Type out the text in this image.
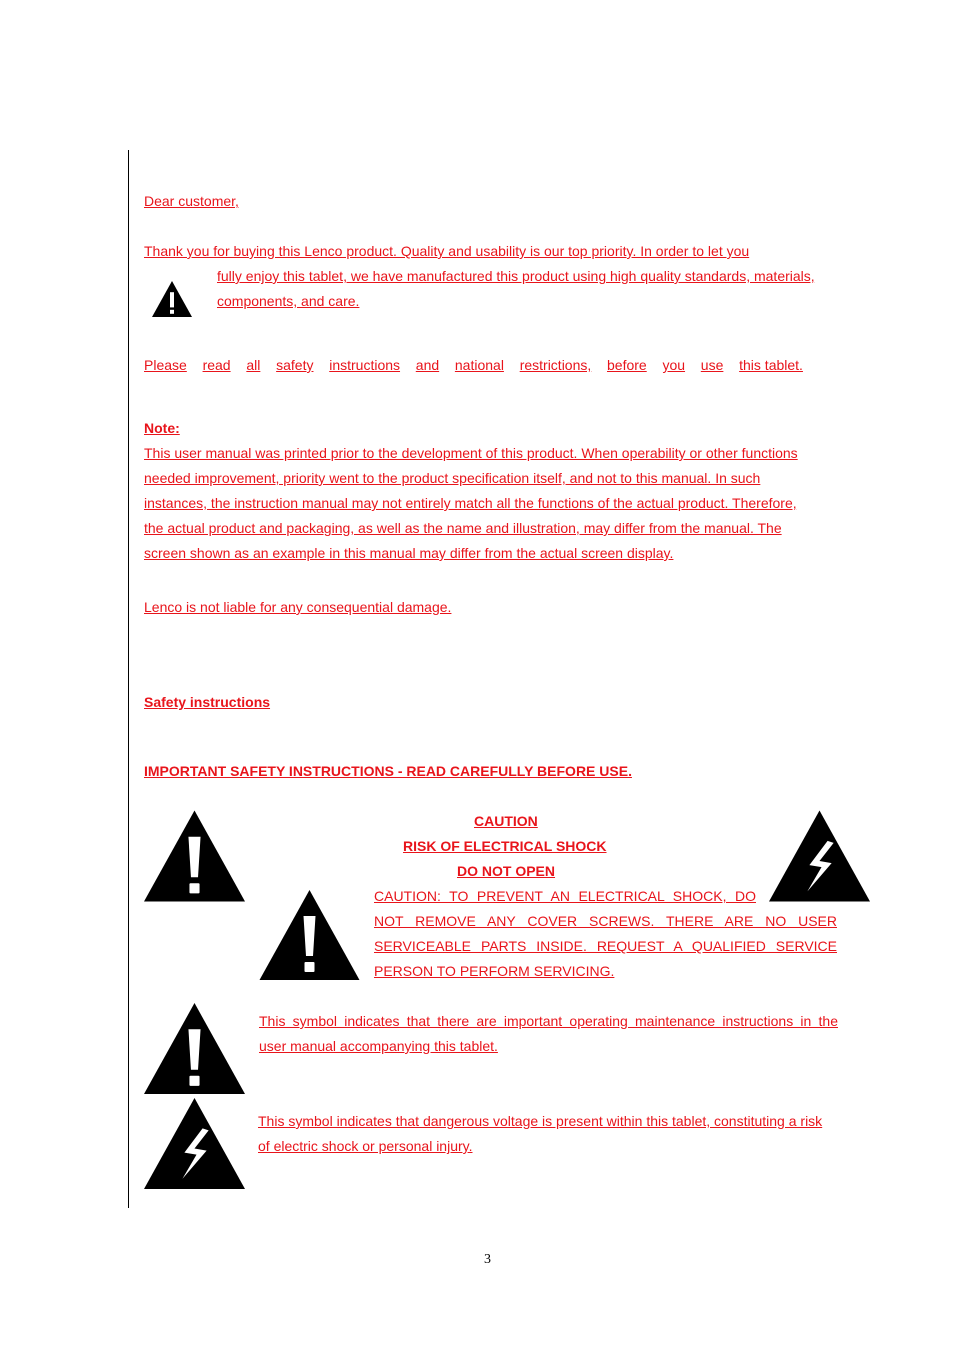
Dear customer,

Thank you for buying this Lenco product. Quality and usability is our top priority. In order to let you

fully enjoy this tablet, we have manufactured this product using high quality standards, materials,

components, and care.

Please read all safety instructions and national restrictions, before you use this tablet.

Note:

This user manual was printed prior to the development of this product. When operability or other functions
needed improvement, priority went to the product specification itself, and not to this manual. In such
instances, the instruction manual may not entirely match all the functions of the actual product. Therefore,
the actual product and packaging, as well as the name and illustration, may differ from the manual. The
screen shown as an example in this manual may differ from the actual screen display.

Lenco is not liable for any consequential damage.

Safety instructions

IMPORTANT SAFETY INSTRUCTIONS - READ CAREFULLY BEFORE USE.

CAUTION

RISK OF ELECTRICAL SHOCK

DO NOT OPEN

CAUTION: TO PREVENT AN ELECTRICAL SHOCK, DO

NOT REMOVE ANY COVER SCREWS. THERE ARE NO USER

SERVICEABLE PARTS INSIDE. REQUEST A QUALIFIED SERVICE

PERSON TO PERFORM SERVICING.

This symbol indicates that there are important operating maintenance instructions in the

user manual accompanying this tablet.

This symbol indicates that dangerous voltage is present within this tablet, constituting a risk

of electric shock or personal injury.

3
